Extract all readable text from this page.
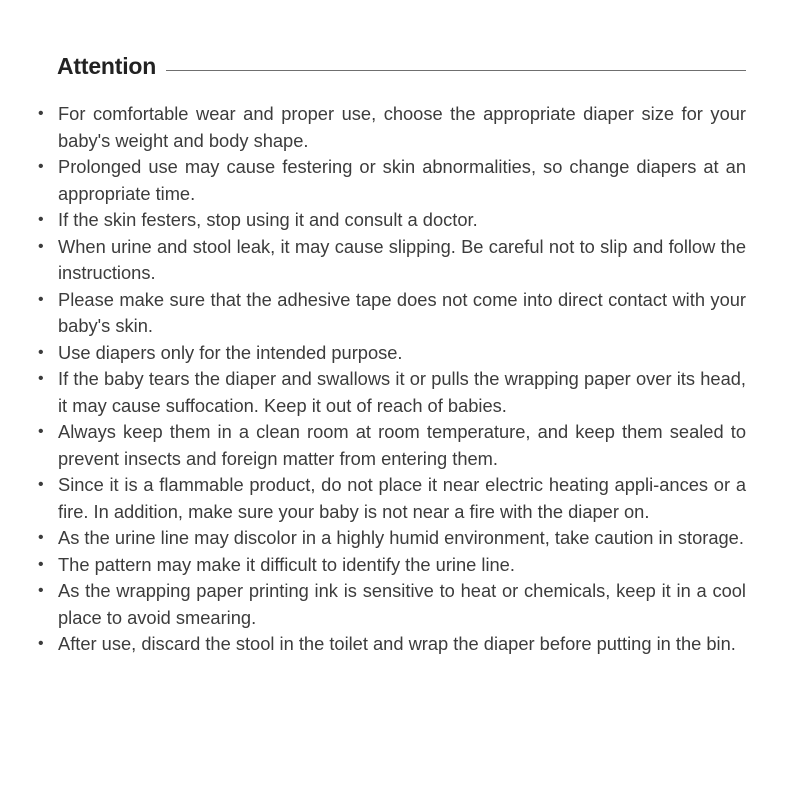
Attention
• For comfortable wear and proper use, choose the appropriate diaper size for your baby's weight and body shape.
• Prolonged use may cause festering or skin abnormalities, so change diapers at an appropriate time.
• If the skin festers, stop using it and consult a doctor.
• When urine and stool leak, it may cause slipping. Be careful not to slip and follow the instructions.
• Please make sure that the adhesive tape does not come into direct contact with your baby's skin.
• Use diapers only for the intended purpose.
• If the baby tears the diaper and swallows it or pulls the wrapping paper over its head, it may cause suffocation. Keep it out of reach of babies.
• Always keep them in a clean room at room temperature, and keep them sealed to prevent insects and foreign matter from entering them.
• Since it is a flammable product, do not place it near electric heating appli-ances or a fire. In addition, make sure your baby is not near a fire with the diaper on.
• As the urine line may discolor in a highly humid environment, take caution in storage.
• The pattern may make it difficult to identify the urine line.
• As the wrapping paper printing ink is sensitive to heat or chemicals, keep it in a cool place to avoid smearing.
• After use, discard the stool in the toilet and wrap the diaper before putting in the bin.
